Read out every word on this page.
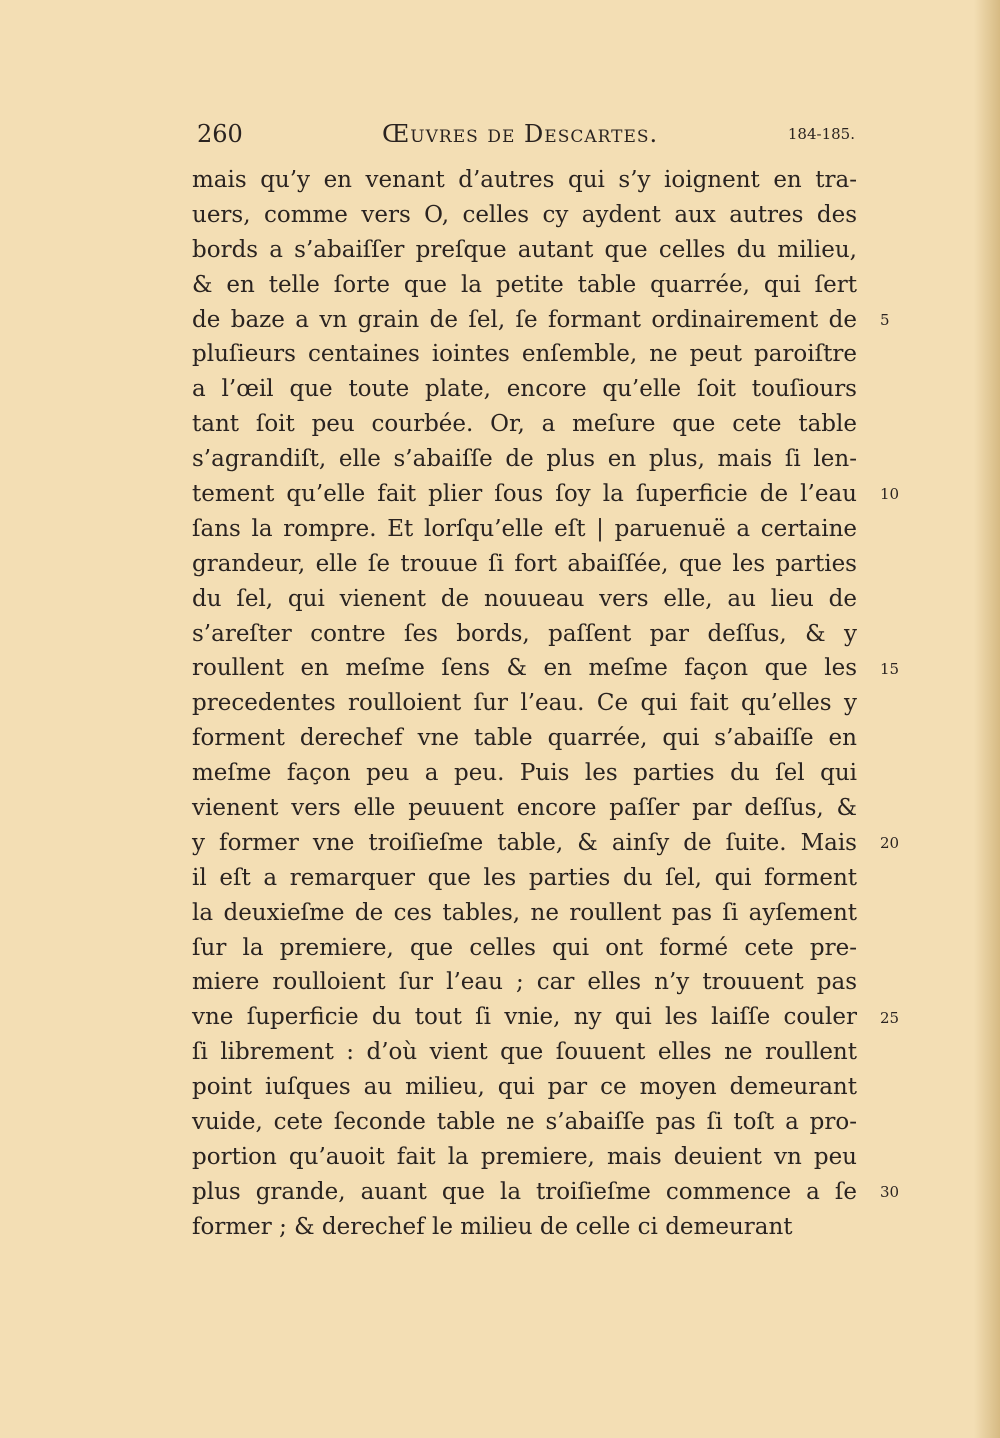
260	Œuvres de Descartes.	184-185.
mais qu’y en venant d’autres qui s’y ioignent en tra-
uers, comme vers O, celles cy aydent aux autres des
bords a s’abaiſſer preſque autant que celles du milieu,
& en telle ſorte que la petite table quarrée, qui ſert
de baze a vn grain de ſel, ſe formant ordinairement de
pluſieurs centaines iointes enſemble, ne peut paroiſtre
a l’œil que toute plate, encore qu’elle ſoit touſiours
tant ſoit peu courbée. Or, a meſure que cete table
s’agrandiſt, elle s’abaiſſe de plus en plus, mais ſi len-
tement qu’elle fait plier ſous ſoy la ſuperficie de l’eau
ſans la rompre. Et lorſqu’elle eſt | paruenuë a certaine
grandeur, elle ſe trouue ſi fort abaiſſée, que les parties
du ſel, qui vienent de nouueau vers elle, au lieu de
s’areſter contre ſes bords, paſſent par deſſus, & y
roullent en meſme ſens & en meſme façon que les
precedentes roulloient ſur l’eau. Ce qui fait qu’elles y
forment derechef vne table quarrée, qui s’abaiſſe en
meſme façon peu a peu. Puis les parties du ſel qui
vienent vers elle peuuent encore paſſer par deſſus, &
y former vne troiſieſme table, & ainſy de ſuite. Mais
il eſt a remarquer que les parties du ſel, qui forment
la deuxieſme de ces tables, ne roullent pas ſi ayſement
ſur la premiere, que celles qui ont formé cete pre-
miere roulloient ſur l’eau ; car elles n’y trouuent pas
vne ſuperficie du tout ſi vnie, ny qui les laiſſe couler
ſi librement : d’où vient que ſouuent elles ne roullent
point iuſques au milieu, qui par ce moyen demeurant
vuide, cete ſeconde table ne s’abaiſſe pas ſi toſt a pro-
portion qu’auoit fait la premiere, mais deuient vn peu
plus grande, auant que la troiſieſme commence a ſe
former ; & derechef le milieu de celle ci demeurant
5
10
15
20
25
30
